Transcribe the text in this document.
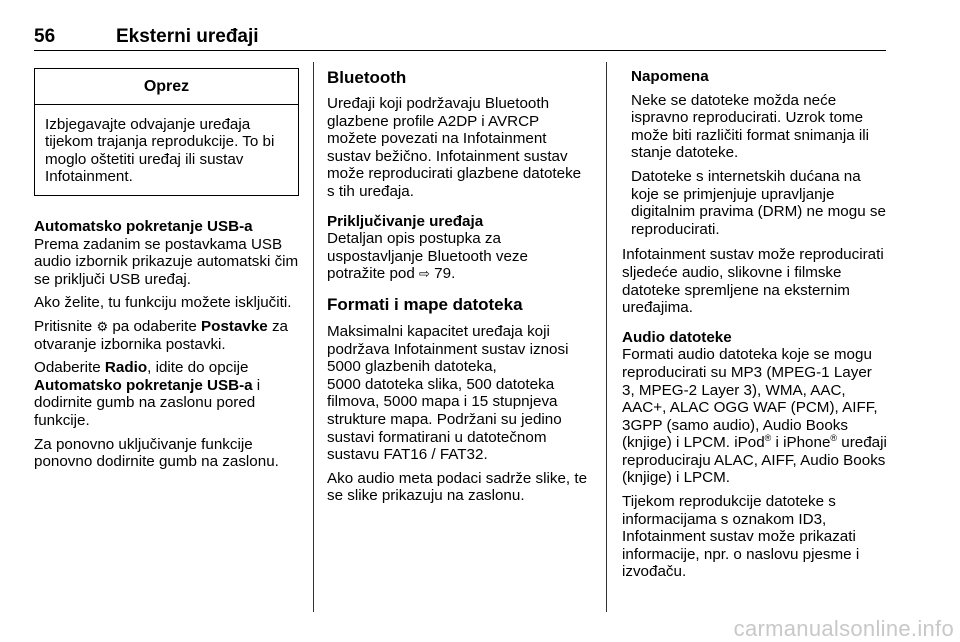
56	Eksterni uređaji
Oprez
Izbjegavajte odvajanje uređaja tijekom trajanja reprodukcije. To bi moglo oštetiti uređaj ili sustav Infotainment.

Automatsko pokretanje USB-a

Prema zadanim se postavkama USB audio izbornik prikazuje automatski čim se priključi USB uređaj.

Ako želite, tu funkciju možete isključiti.

Pritisnite ⚙ pa odaberite Postavke za otvaranje izbornika postavki.

Odaberite Radio, idite do opcije Automatsko pokretanje USB-a i dodirnite gumb na zaslonu pored funkcije.

Za ponovno uključivanje funkcije ponovno dodirnite gumb na zaslonu.

Bluetooth

Uređaji koji podržavaju Bluetooth glazbene profile A2DP i AVRCP možete povezati na Infotainment sustav bežično. Infotainment sustav može reproducirati glazbene datoteke s tih uređaja.

Priključivanje uređaja

Detaljan opis postupka za uspostavljanje Bluetooth veze potražite pod ⇨ 79.

Formati i mape datoteka

Maksimalni kapacitet uređaja koji podržava Infotainment sustav iznosi 5000 glazbenih datoteka,

5000 datoteka slika, 500 datoteka filmova, 5000 mapa i 15 stupnjeva strukture mapa. Podržani su jedino sustavi formatirani u datotečnom sustavu FAT16 / FAT32.

Ako audio meta podaci sadrže slike, te se slike prikazuju na zaslonu.

Napomena

Neke se datoteke možda neće ispravno reproducirati. Uzrok tome može biti različiti format snimanja ili stanje datoteke.

Datoteke s internetskih dućana na koje se primjenjuje upravljanje digitalnim pravima (DRM) ne mogu se reproducirati.

Infotainment sustav može reproducirati sljedeće audio, slikovne i filmske datoteke spremljene na eksternim uređajima.

Audio datoteke

Formati audio datoteka koje se mogu reproducirati su MP3 (MPEG-1 Layer 3, MPEG-2 Layer 3), WMA, AAC, AAC+, ALAC OGG WAF (PCM), AIFF, 3GPP (samo audio), Audio Books (knjige) i LPCM. iPod® i iPhone® uređaji reproduciraju ALAC, AIFF, Audio Books (knjige) i LPCM.

Tijekom reprodukcije datoteke s informacijama s oznakom ID3, Infotainment sustav može prikazati informacije, npr. o naslovu pjesme i izvođaču.

carmanualsonline.info
